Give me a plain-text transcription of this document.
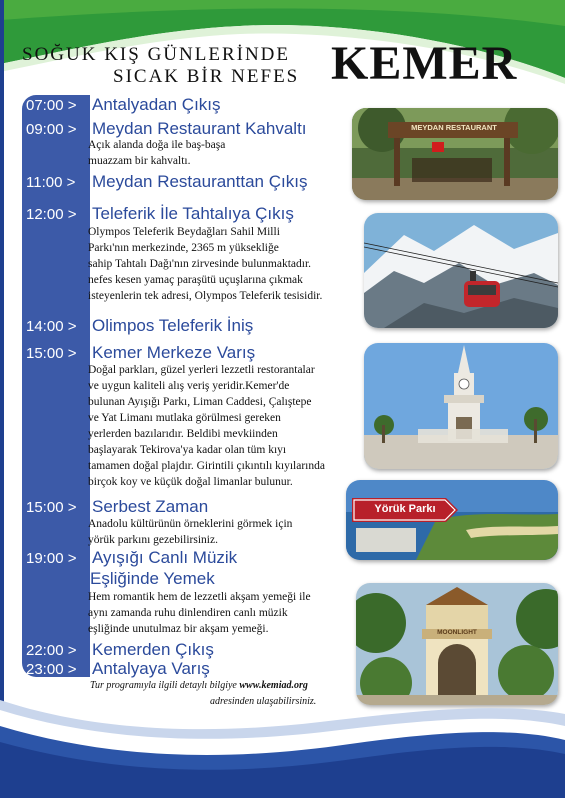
SOĞUK KIŞ GÜNLERİNDE
SICAK BİR NEFES KEMER
07:00 > Antalyadan Çıkış
09:00 > Meydan Restaurant Kahvaltı
Açık alanda doğa ile baş-başa
muazzam bir kahvaltı.
11:00 > Meydan Restauranttan Çıkış
12:00 > Teleferik İle Tahtalıya Çıkış
Olympos Teleferik Beydağları Sahil Milli
Parkı'nın merkezinde, 2365 m yüksekliğe
sahip Tahtalı Dağı'nın zirvesinde bulunmaktadır.
nefes kesen yamaç paraşütü uçuşlarına çıkmak
isteyenlerin tek adresi, Olympos Teleferik tesisidir.
14:00 > Olimpos Teleferik İniş
15:00 > Kemer Merkeze Varış
Doğal parkları, güzel yerleri lezzetli restorantalar
ve uygun kaliteli alış veriş yeridir.Kemer'de
bulunan Ayışığı Parkı, Liman Caddesi, Çalıştepe
ve Yat Limanı mutlaka görülmesi gereken
yerlerden bazılarıdır. Beldibi mevkiinden
başlayarak Tekirova'ya kadar olan tüm kıyı
tamamen doğal plajdır. Girintili çıkıntılı kıyılarında
birçok koy ve küçük doğal limanlar bulunur.
15:00 > Serbest Zaman
Anadolu kültürünün örneklerini görmek için
yörük parkını gezebilirsiniz.
19:00 > Ayışığı Canlı Müzik
Eşliğinde Yemek
Hem romantik hem de lezzetli akşam yemeği ile
aynı zamanda ruhu dinlendiren canlı müzik
eşliğinde unutulmaz bir akşam yemeği.
22:00 > Kemerden Çıkış
23:00 > Antalyaya Varış
MEYDAN RESTAURANT
Yörük Parkı
MOONLIGHT
Tur programıyla ilgili detaylı bilgiye www.kemiad.org
adresinden ulaşabilirsiniz.
